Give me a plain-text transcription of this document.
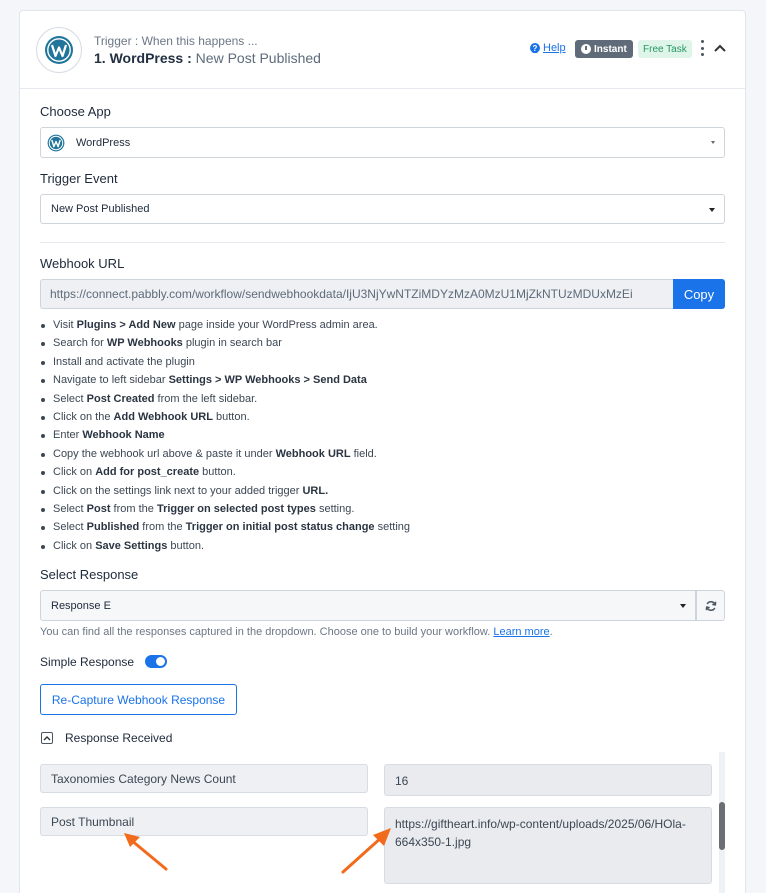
Trigger : When this happens ...
1. WordPress : New Post Published
? Help	Instant	Free Task
Choose App
WordPress
Trigger Event
New Post Published
Webhook URL
https://connect.pabbly.com/workflow/sendwebhookdata/IjU3NjYwNTZiMDYzMzA0MzU1MjZkNTUzMDUxMzEi	Copy
Visit Plugins > Add New page inside your WordPress admin area.
Search for WP Webhooks plugin in search bar
Install and activate the plugin
Navigate to left sidebar Settings > WP Webhooks > Send Data
Select Post Created from the left sidebar.
Click on the Add Webhook URL button.
Enter Webhook Name
Copy the webhook url above & paste it under Webhook URL field.
Click on Add for post_create button.
Click on the settings link next to your added trigger URL.
Select Post from the Trigger on selected post types setting.
Select Published from the Trigger on initial post status change setting
Click on Save Settings button.
Select Response
Response E
You can find all the responses captured in the dropdown. Choose one to build your workflow. Learn more.
Simple Response
Re-Capture Webhook Response
Response Received
Taxonomies Category News Count	16
Post Thumbnail	https://giftheart.info/wp-content/uploads/2025/06/HOla-664x350-1.jpg
